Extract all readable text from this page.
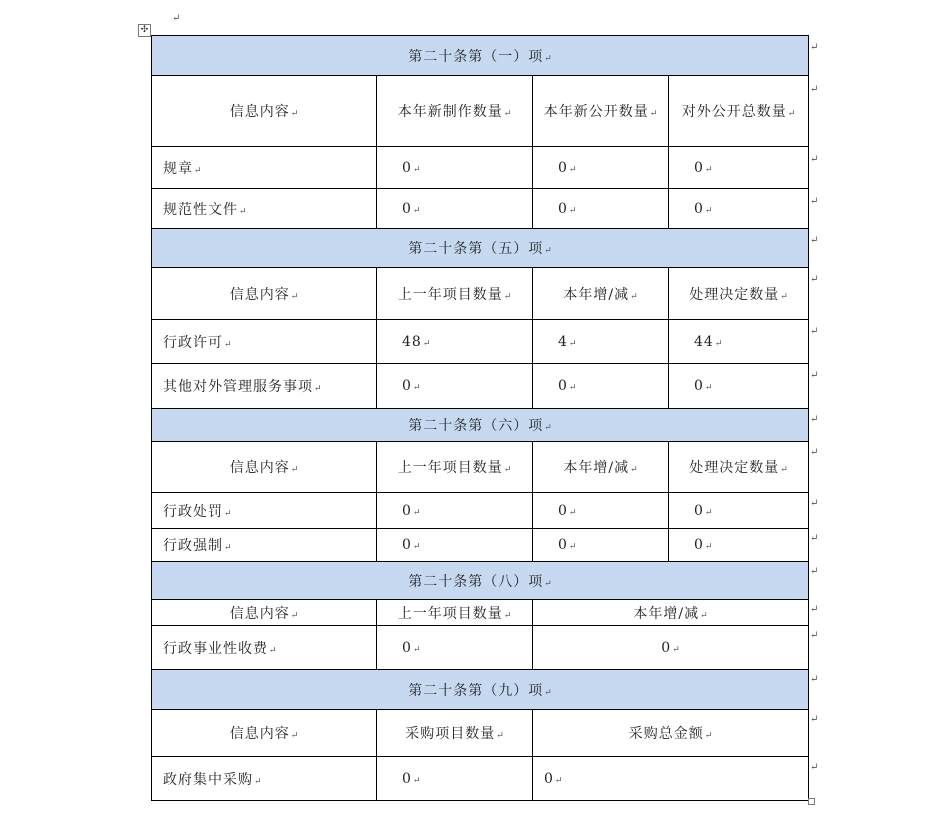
✣
↵
第二十条第（一）项↵			
信息内容↵	本年新制作数量↵	本年新公开数量↵	对外公开总数量↵
规章↵	0↵	0↵	0↵
规范性文件↵	0↵	0↵	0↵
第二十条第（五）项↵			
信息内容↵	上一年项目数量↵	本年增/减↵	处理决定数量↵
行政许可↵	48↵	4↵	44↵
其他对外管理服务事项↵	0↵	0↵	0↵
第二十条第（六）项↵			
信息内容↵	上一年项目数量↵	本年增/减↵	处理决定数量↵
行政处罚↵	0↵	0↵	0↵
行政强制↵	0↵	0↵	0↵
第二十条第（八）项↵			
信息内容↵	上一年项目数量↵	本年增/减↵	
行政事业性收费↵	0↵	0↵	
第二十条第（九）项↵			
信息内容↵	采购项目数量↵	采购总金额↵	
政府集中采购↵	0↵	0↵	
↵
↵
↵
↵
↵
↵
↵
↵
↵
↵
↵
↵
↵
↵
↵
↵
↵
↵
